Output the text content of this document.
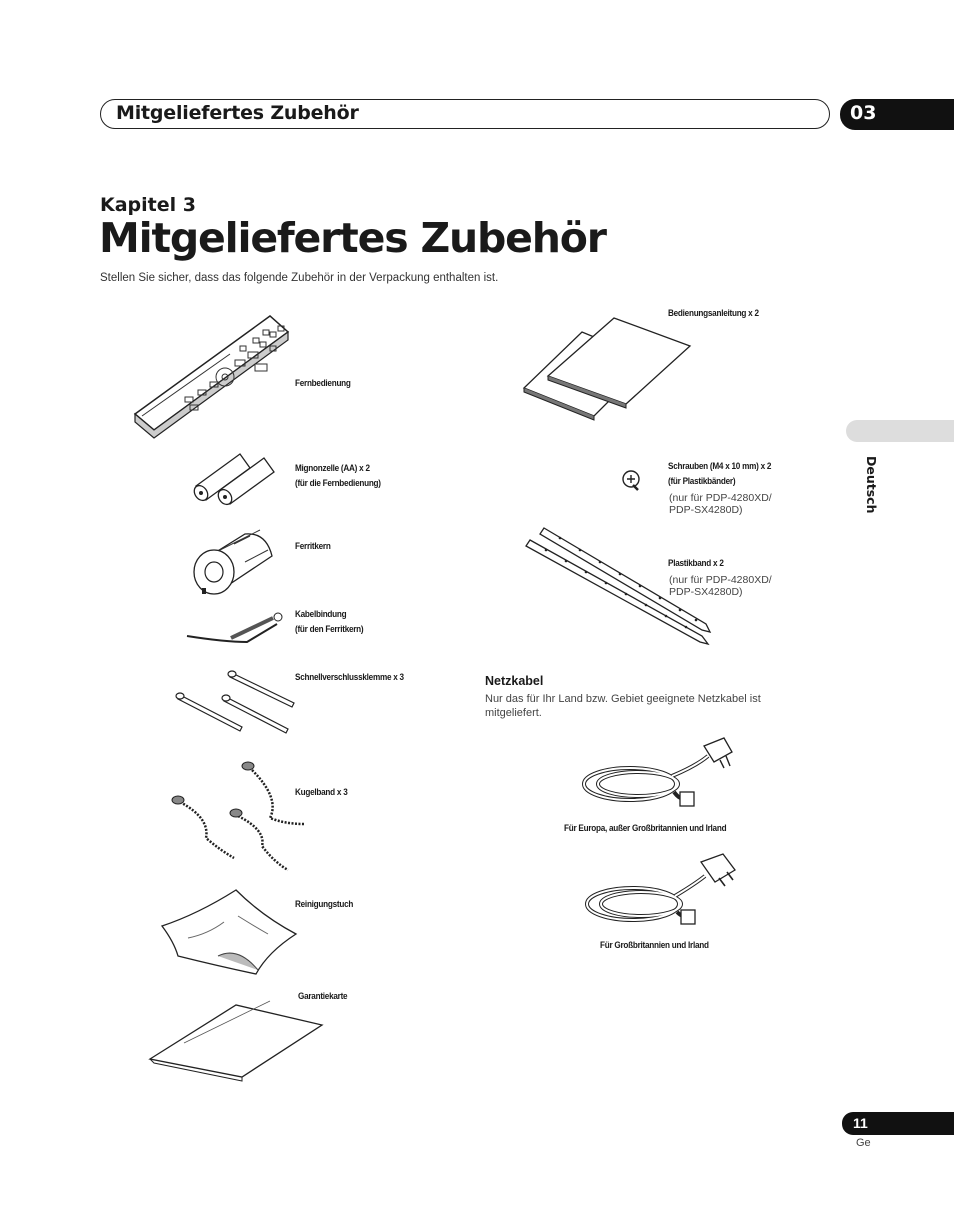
Mitgeliefertes Zubehör	03
Kapitel 3
Mitgeliefertes Zubehör
Stellen Sie sicher, dass das folgende Zubehör in der Verpackung enthalten ist.
Deutsch
Fernbedienung
Mignonzelle (AA) x 2
(für die Fernbedienung)
Ferritkern
Kabelbindung
(für den Ferritkern)
Schnellverschlussklemme x 3
Kugelband x 3
Reinigungstuch
Garantiekarte
Bedienungsanleitung x 2
Schrauben (M4 x 10 mm) x 2
(für Plastikbänder)
(nur für PDP-4280XD/
PDP-SX4280D)
Plastikband x 2
(nur für PDP-4280XD/
PDP-SX4280D)
Netzkabel
Nur das für Ihr Land bzw. Gebiet geeignete Netzkabel ist mitgeliefert.
Für Europa, außer Großbritannien und Irland
Für Großbritannien und Irland
11
Ge
